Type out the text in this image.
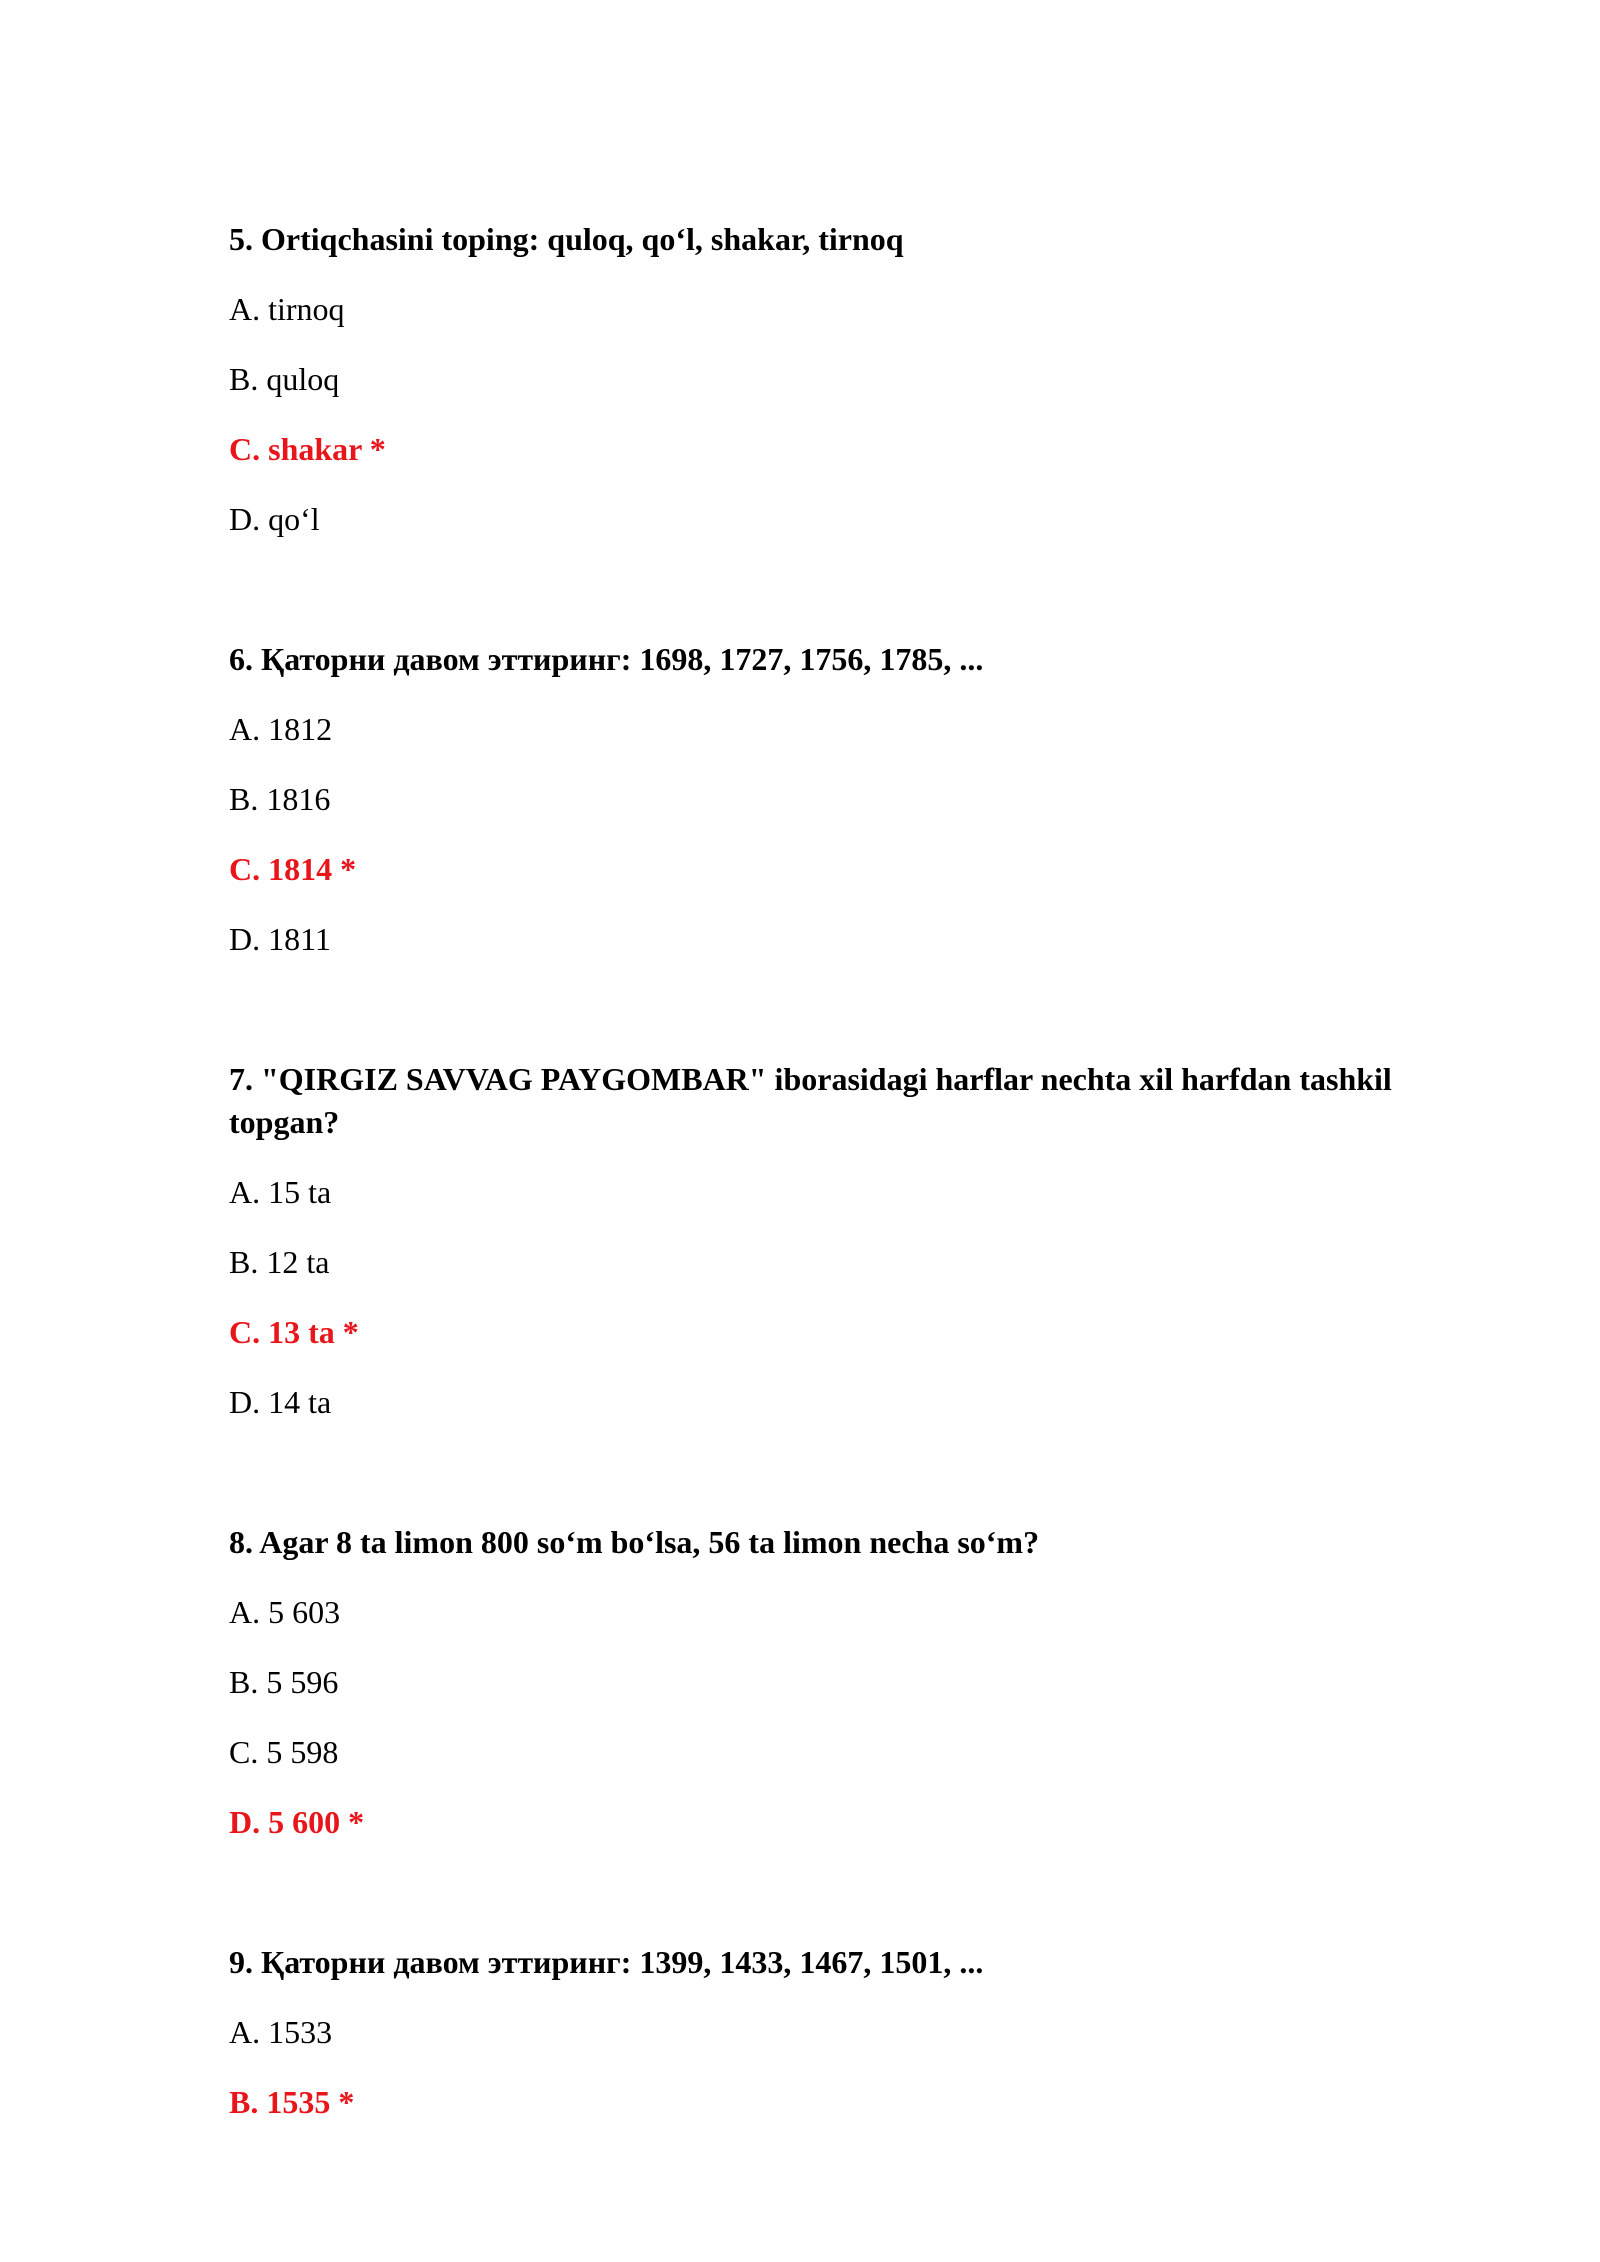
5. Ortiqchasini toping: quloq, qo‘l, shakar, tirnoq

A. tirnoq
B. quloq
C. shakar *
D. qo‘l

6. Қаторни давом эттиринг: 1698, 1727, 1756, 1785, ...

A. 1812
B. 1816
C. 1814 *
D. 1811

7. "QIRGIZ SAVVAG PAYGOMBAR" iborasidagi harflar nechta xil harfdan tashkil topgan?

A. 15 ta
B. 12 ta
C. 13 ta *
D. 14 ta

8. Agar 8 ta limon 800 so‘m bo‘lsa, 56 ta limon necha so‘m?

A. 5 603
B. 5 596
C. 5 598
D. 5 600 *

9. Қаторни давом эттиринг: 1399, 1433, 1467, 1501, ...

A. 1533
B. 1535 *
